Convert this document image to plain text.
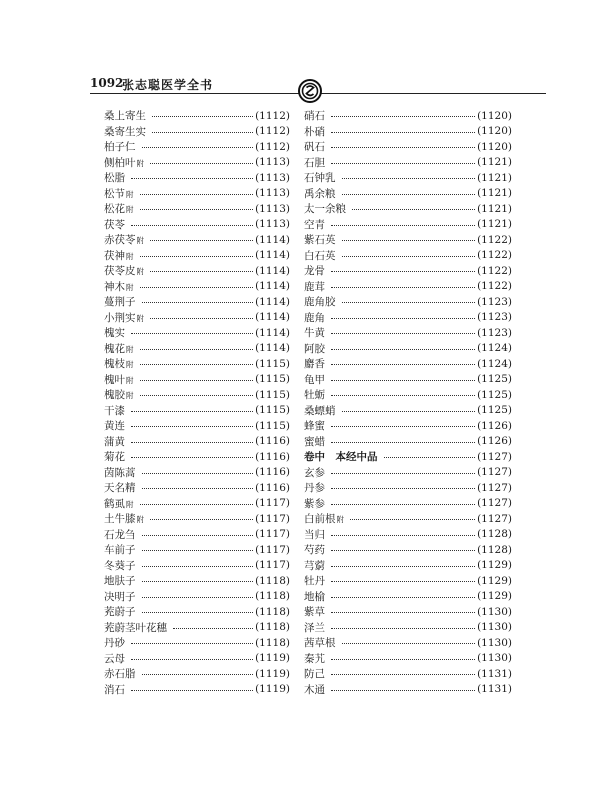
1092
张志聪医学全书
桑上寄生	(1112)
桑寄生实	(1112)
柏子仁	(1112)
侧柏叶附	(1113)
松脂	(1113)
松节附	(1113)
松花附	(1113)
茯苓	(1113)
赤茯苓附	(1114)
茯神附	(1114)
茯苓皮附	(1114)
神木附	(1114)
蔓荆子	(1114)
小荆实附	(1114)
槐实	(1114)
槐花附	(1114)
槐枝附	(1115)
槐叶附	(1115)
槐胶附	(1115)
干漆	(1115)
黄连	(1115)
蒲黄	(1116)
菊花	(1116)
茵陈蒿	(1116)
天名精	(1116)
鹤虱附	(1117)
土牛膝附	(1117)
石龙刍	(1117)
车前子	(1117)
冬葵子	(1117)
地肤子	(1118)
决明子	(1118)
茺蔚子	(1118)
茺蔚茎叶花穗	(1118)
丹砂	(1118)
云母	(1119)
赤石脂	(1119)
消石	(1119)
硝石	(1120)
朴硝	(1120)
矾石	(1120)
石胆	(1121)
石钟乳	(1121)
禹余粮	(1121)
太一余粮	(1121)
空青	(1121)
紫石英	(1122)
白石英	(1122)
龙骨	(1122)
鹿茸	(1122)
鹿角胶	(1123)
鹿角	(1123)
牛黄	(1123)
阿胶	(1124)
麝香	(1124)
龟甲	(1125)
牡蛎	(1125)
桑螵蛸	(1125)
蜂蜜	(1126)
蜜蜡	(1126)
卷中　本经中品	(1127)
玄参	(1127)
丹参	(1127)
紫参	(1127)
白前根附	(1127)
当归	(1128)
芍药	(1128)
芎藭	(1129)
牡丹	(1129)
地榆	(1129)
紫草	(1130)
泽兰	(1130)
茜草根	(1130)
秦艽	(1130)
防己	(1131)
木通	(1131)
